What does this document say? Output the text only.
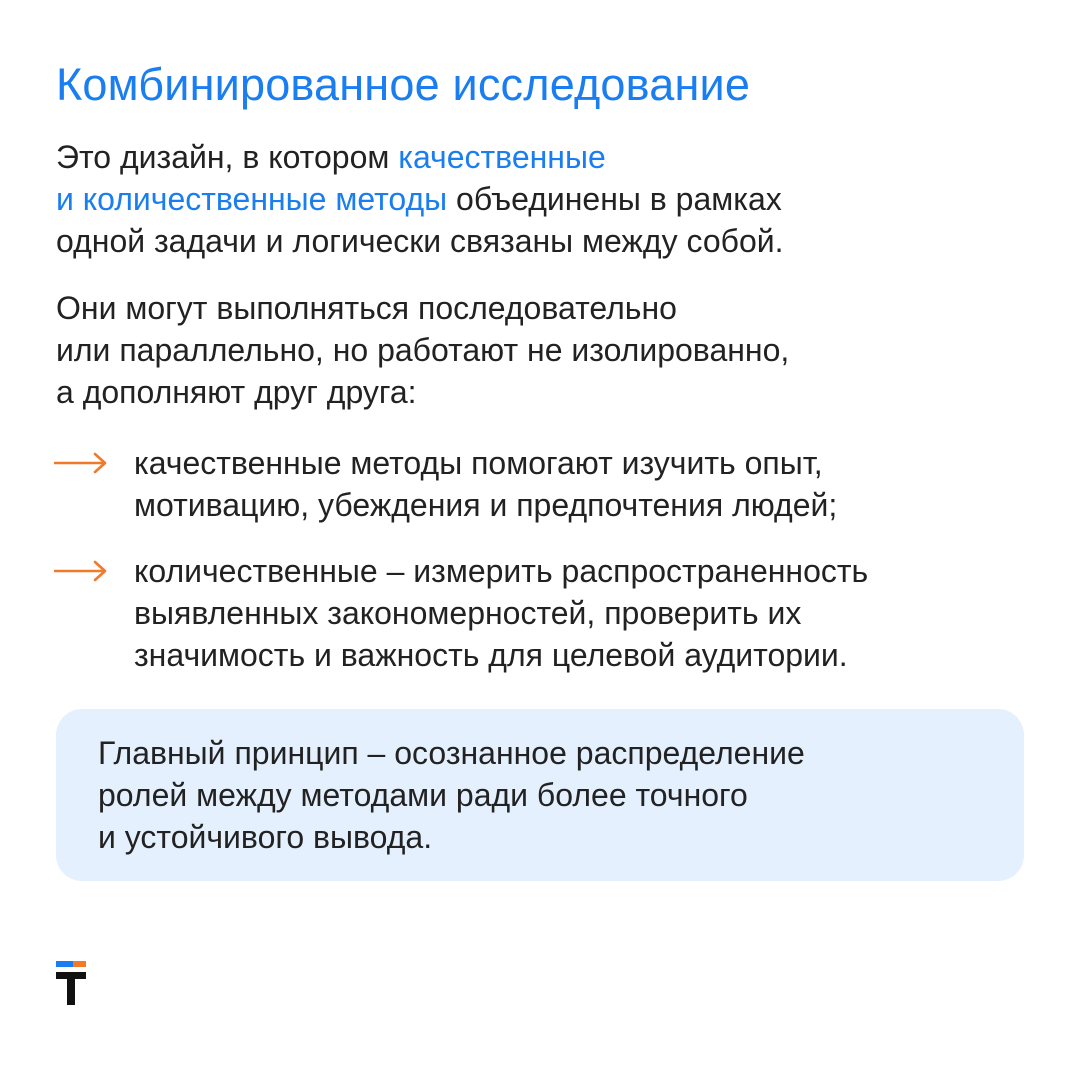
Комбинированное исследование
Это дизайн, в котором качественные
и количественные методы объединены в рамках
одной задачи и логически связаны между собой.
Они могут выполняться последовательно
или параллельно, но работают не изолированно,
а дополняют друг друга:
качественные методы помогают изучить опыт,
мотивацию, убеждения и предпочтения людей;
количественные – измерить распространенность
выявленных закономерностей, проверить их
значимость и важность для целевой аудитории.
Главный принцип – осознанное распределение
ролей между методами ради более точного
и устойчивого вывода.
